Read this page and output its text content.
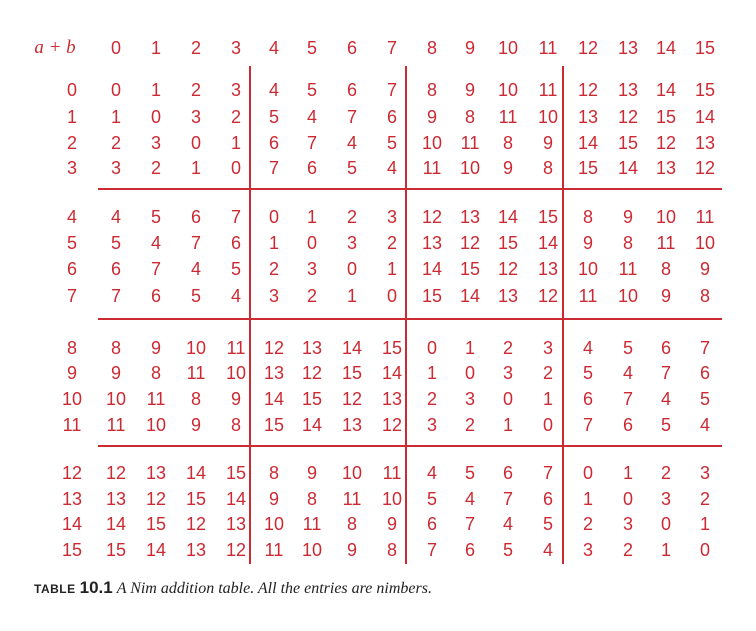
a + b 0 1 2 3 4 5 6 7 8 9 10 11 12 13 14 15
0
1
2
3
4
5
6
7
8
9
10
11
12
13
14
15
0 1 2 3 4 5 6 7 8 9 10 11 12 13 14 15
1 0 3 2 5 4 7 6 9 8 11 10 13 12 15 14
2 3 0 1 6 7 4 5 10 11 8 9 14 15 12 13
3 2 1 0 7 6 5 4 11 10 9 8 15 14 13 12
4 5 6 7 0 1 2 3 12 13 14 15 8 9 10 11
5 4 7 6 1 0 3 2 13 12 15 14 9 8 11 10
6 7 4 5 2 3 0 1 14 15 12 13 10 11 8 9
7 6 5 4 3 2 1 0 15 14 13 12 11 10 9 8
8 9 10 11 12 13 14 15 0 1 2 3 4 5 6 7
9 8 11 10 13 12 15 14 1 0 3 2 5 4 7 6
10 11 8 9 14 15 12 13 2 3 0 1 6 7 4 5
11 10 9 8 15 14 13 12 3 2 1 0 7 6 5 4
12 13 14 15 8 9 10 11 4 5 6 7 0 1 2 3
13 12 15 14 9 8 11 10 5 4 7 6 1 0 3 2
14 15 12 13 10 11 8 9 6 7 4 5 2 3 0 1
15 14 13 12 11 10 9 8 7 6 5 4 3 2 1 0
TABLE 10.1 A Nim addition table. All the entries are nimbers.
